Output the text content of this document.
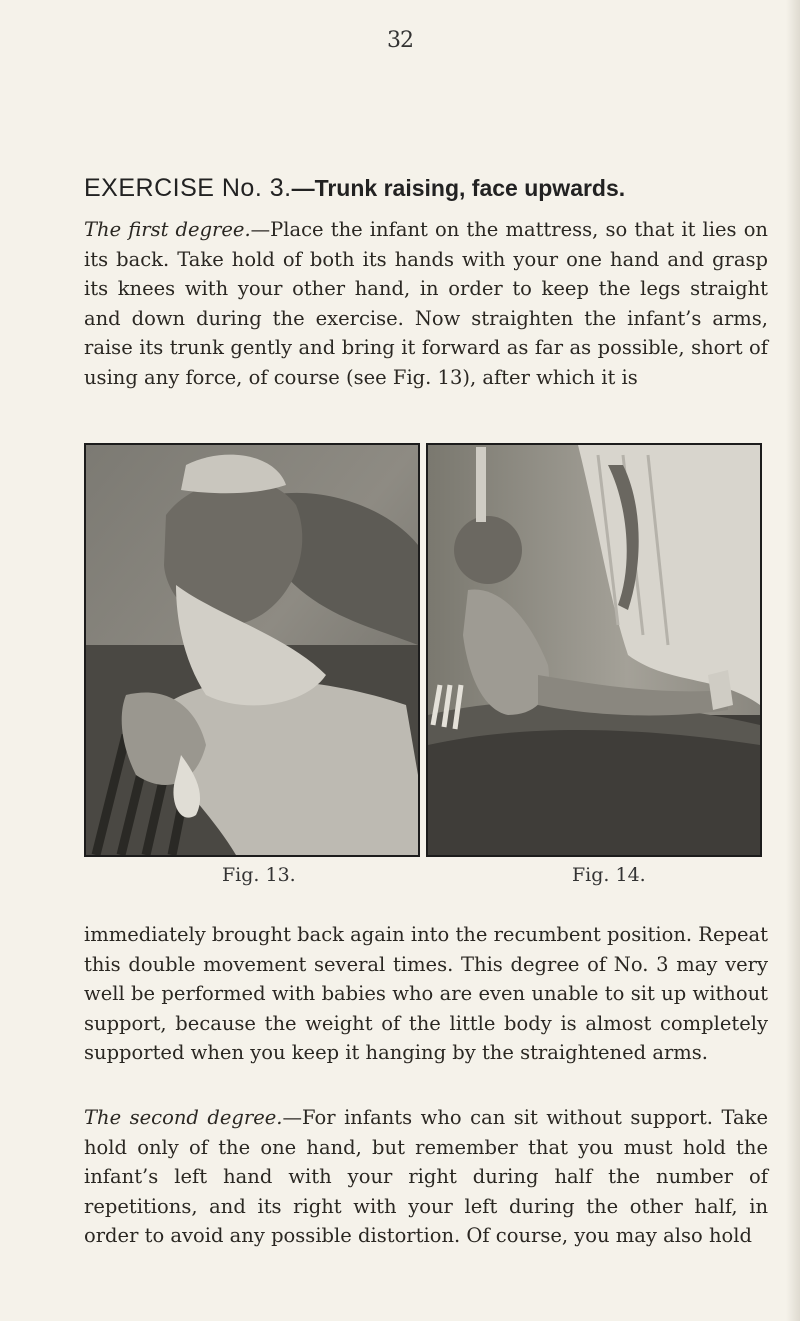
32
EXERCISE No. 3.—Trunk raising, face upwards.

The first degree.—Place the infant on the mattress, so that it lies on its back. Take hold of both its hands with your one hand and grasp its knees with your other hand, in order to keep the legs straight and down during the exercise. Now straighten the infant’s arms, raise its trunk gently and bring it forward as far as possible, short of using any force, of course (see Fig. 13), after which it is

Fig. 13.	Fig. 14.

immediately brought back again into the recumbent position. Repeat this double movement several times. This degree of No. 3 may very well be performed with babies who are even unable to sit up without support, because the weight of the little body is almost completely supported when you keep it hanging by the straightened arms.

The second degree.—For infants who can sit without support. Take hold only of the one hand, but remember that you must hold the infant’s left hand with your right during half the number of repetitions, and its right with your left during the other half, in order to avoid any possible distortion. Of course, you may also hold
